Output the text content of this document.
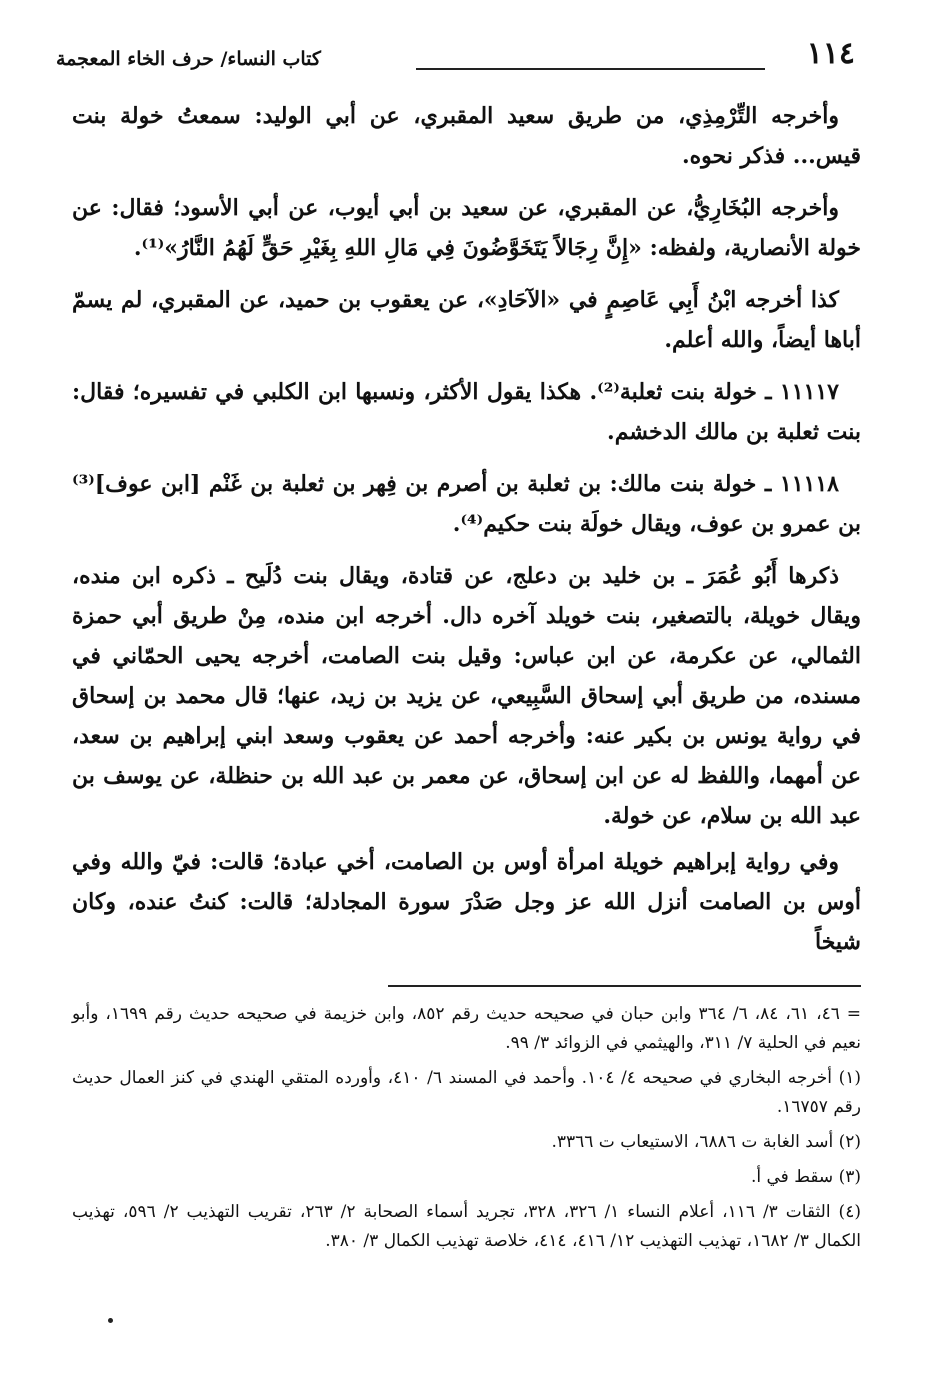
١١٤
كتاب النساء/ حرف الخاء المعجمة

وأخرجه التِّرْمِذِي، من طريق سعيد المقبري، عن أبي الوليد: سمعتُ خولة بنت قيس... فذكر نحوه.

وأخرجه البُخَارِيُّ، عن المقبري، عن سعيد بن أبي أيوب، عن أبي الأسود؛ فقال: عن خولة الأنصارية، ولفظه: «إِنَّ رِجَالاً يَتَخَوَّضُونَ فِي مَالِ اللهِ بِغَيْرِ حَقٍّ لَهُمُ النَّارُ»⁽¹⁾.

كذا أخرجه ابْنُ أَبِي عَاصِمٍ في «الآحَادِ»، عن يعقوب بن حميد، عن المقبري، لم يسمّ أباها أيضاً، والله أعلم.

١١١١٧ ـ خولة بنت ثعلبة⁽²⁾. هكذا يقول الأكثر، ونسبها ابن الكلبي في تفسيره؛ فقال: بنت ثعلبة بن مالك الدخشم.

١١١١٨ ـ خولة بنت مالك: بن ثعلبة بن أصرم بن فِهر بن ثعلبة بن غَنْم [ابن عوف]⁽³⁾ بن عمرو بن عوف، ويقال خولَة بنت حكيم⁽⁴⁾.

ذكرها أَبُو عُمَرَ ـ بن خليد بن دعلج، عن قتادة، ويقال بنت دُلَيح ـ ذكره ابن منده، ويقال خويلة، بالتصغير، بنت خويلد آخره دال. أخرجه ابن منده، مِنْ طريق أبي حمزة الثمالي، عن عكرمة، عن ابن عباس: وقيل بنت الصامت، أخرجه يحيى الحمّاني في مسنده، من طريق أبي إسحاق السَّبِيعي، عن يزيد بن زيد، عنها؛ قال محمد بن إسحاق في رواية يونس بن بكير عنه: وأخرجه أحمد عن يعقوب وسعد ابني إبراهيم بن سعد، عن أمهما، واللفظ له عن ابن إسحاق، عن معمر بن عبد الله بن حنظلة، عن يوسف بن عبد الله بن سلام، عن خولة.

وفي رواية إبراهيم خويلة امرأة أوس بن الصامت، أخي عبادة؛ قالت: فيّ والله وفي أوس بن الصامت أنزل الله عز وجل صَدْرَ سورة المجادلة؛ قالت: كنتُ عنده، وكان شيخاً

= ٤٦، ٦١، ٨٤، ٦/ ٣٦٤ وابن حبان في صحيحه حديث رقم ٨٥٢، وابن خزيمة في صحيحه حديث رقم ١٦٩٩، وأبو نعيم في الحلية ٧/ ٣١١، والهيثمي في الزوائد ٣/ ٩٩.

(١) أخرجه البخاري في صحيحه ٤/ ١٠٤. وأحمد في المسند ٦/ ٤١٠، وأورده المتقي الهندي في كنز العمال حديث رقم ١٦٧٥٧.

(٢) أسد الغابة ت ٦٨٨٦، الاستيعاب ت ٣٣٦٦.

(٣) سقط في أ.

(٤) الثقات ٣/ ١١٦، أعلام النساء ١/ ٣٢٦، ٣٢٨، تجريد أسماء الصحابة ٢/ ٢٦٣، تقريب التهذيب ٢/ ٥٩٦، تهذيب الكمال ٣/ ١٦٨٢، تهذيب التهذيب ١٢/ ٤١٦، ٤١٤، خلاصة تهذيب الكمال ٣/ ٣٨٠.
